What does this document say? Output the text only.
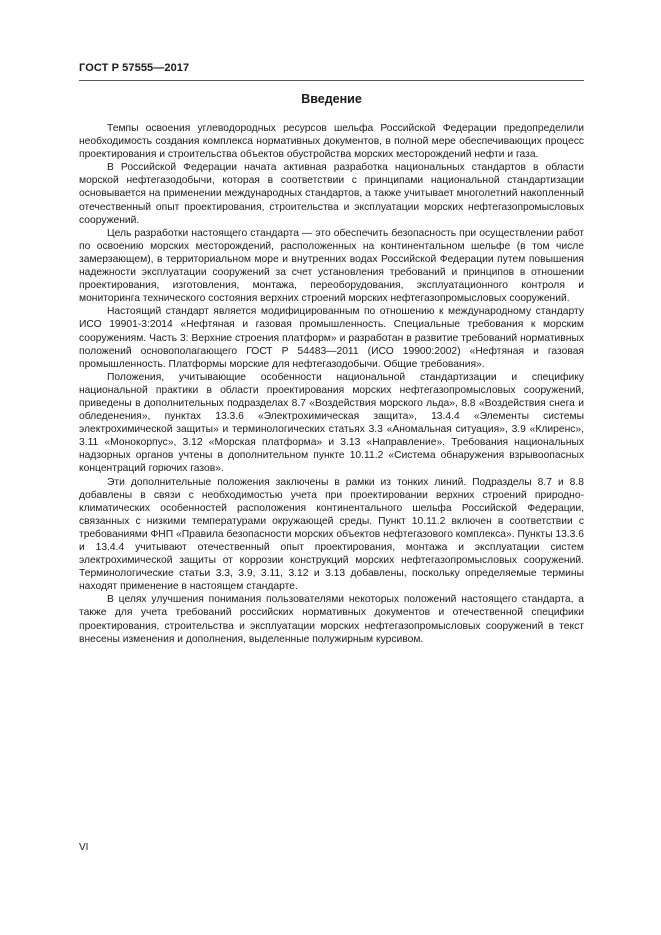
ГОСТ Р 57555—2017
Введение

Темпы освоения углеводородных ресурсов шельфа Российской Федерации предопределили необходимость создания комплекса нормативных документов, в полной мере обеспечивающих процесс проектирования и строительства объектов обустройства морских месторождений нефти и газа.

В Российской Федерации начата активная разработка национальных стандартов в области морской нефтегазодобычи, которая в соответствии с принципами национальной стандартизации основывается на применении международных стандартов, а также учитывает многолетний накопленный отечественный опыт проектирования, строительства и эксплуатации морских нефтегазопромысловых сооружений.

Цель разработки настоящего стандарта — это обеспечить безопасность при осуществлении работ по освоению морских месторождений, расположенных на континентальном шельфе (в том числе замерзающем), в территориальном море и внутренних водах Российской Федерации путем повышения надежности эксплуатации сооружений за счет установления требований и принципов в отношении проектирования, изготовления, монтажа, переоборудования, эксплуатационного контроля и мониторинга технического состояния верхних строений морских нефтегазопромысловых сооружений.

Настоящий стандарт является модифицированным по отношению к международному стандарту ИСО 19901-3:2014 «Нефтяная и газовая промышленность. Специальные требования к морским сооружениям. Часть 3: Верхние строения платформ» и разработан в развитие требований нормативных положений основополагающего ГОСТ Р 54483—2011 (ИСО 19900:2002) «Нефтяная и газовая промышленность. Платформы морские для нефтегазодобычи. Общие требования».

Положения, учитывающие особенности национальной стандартизации и специфику национальной практики в области проектирования морских нефтегазопромысловых сооружений, приведены в дополнительных подразделах 8.7 «Воздействия морского льда», 8.8 «Воздействия снега и обледенения», пунктах 13.3.6 «Электрохимическая защита», 13.4.4 «Элементы системы электрохимической защиты» и терминологических статьях 3.3 «Аномальная ситуация», 3.9 «Клиренс», 3.11 «Монокорпус», 3.12 «Морская платформа» и 3.13 «Направление». Требования национальных надзорных органов учтены в дополнительном пункте 10.11.2 «Система обнаружения взрывоопасных концентраций горючих газов».

Эти дополнительные положения заключены в рамки из тонких линий. Подразделы 8.7 и 8.8 добавлены в связи с необходимостью учета при проектировании верхних строений природно-климатических особенностей расположения континентального шельфа Российской Федерации, связанных с низкими температурами окружающей среды. Пункт 10.11.2 включен в соответствии с требованиями ФНП «Правила безопасности морских объектов нефтегазового комплекса». Пункты 13.3.6 и 13.4.4 учитывают отечественный опыт проектирования, монтажа и эксплуатации систем электрохимической защиты от коррозии конструкций морских нефтегазопромысловых сооружений. Терминологические статьи 3.3, 3.9, 3.11, 3.12 и 3.13 добавлены, поскольку определяемые термины находят применение в настоящем стандарте.

В целях улучшения понимания пользователями некоторых положений настоящего стандарта, а также для учета требований российских нормативных документов и отечественной специфики проектирования, строительства и эксплуатации морских нефтегазопромысловых сооружений в текст внесены изменения и дополнения, выделенные полужирным курсивом.

VI
